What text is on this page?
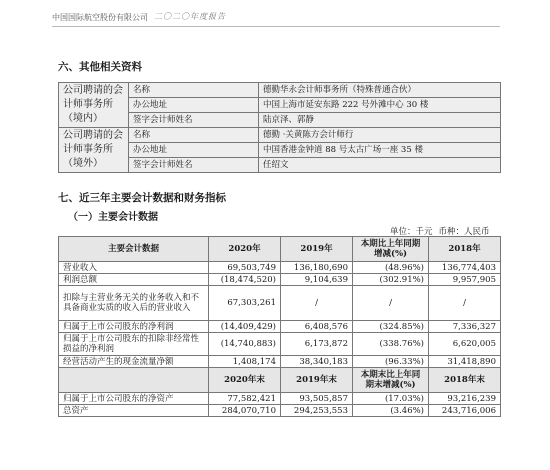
中国国际航空股份有限公司 二〇二〇年度报告
六、其他相关资料
公司聘请的会计师事务所（境内）	名称	德勤华永会计师事务所（特殊普通合伙）
	办公地址	中国上海市延安东路 222 号外滩中心 30 楼
	签字会计师姓名	陆京泽、郭静
公司聘请的会计师事务所（境外）	名称	德勤 ·关黄陈方会计师行
	办公地址	中国香港金钟道 88 号太古广场一座 35 楼
	签字会计师姓名	任绍文
七、近三年主要会计数据和财务指标
（一）主要会计数据
单位：千元 币种：人民币
主要会计数据	2020年	2019年	本期比上年同期增减(%)	2018年
营业收入	69,503,749	136,180,690	(48.96%)	136,774,403
利润总额	(18,474,520)	9,104,639	(302.91%)	9,957,905
扣除与主营业务无关的业务收入和不具备商业实质的收入后的营业收入	67,303,261	/	/	/
归属于上市公司股东的净利润	(14,409,429)	6,408,576	(324.85%)	7,336,327
归属于上市公司股东的扣除非经常性损益的净利润	(14,740,883)	6,173,872	(338.76%)	6,620,005
经营活动产生的现金流量净额	1,408,174	38,340,183	(96.33%)	31,418,890
	2020年末	2019年末	本期末比上年同期末增减(%)	2018年末
归属于上市公司股东的净资产	77,582,421	93,505,857	(17.03%)	93,216,239
总资产	284,070,710	294,253,553	(3.46%)	243,716,006
